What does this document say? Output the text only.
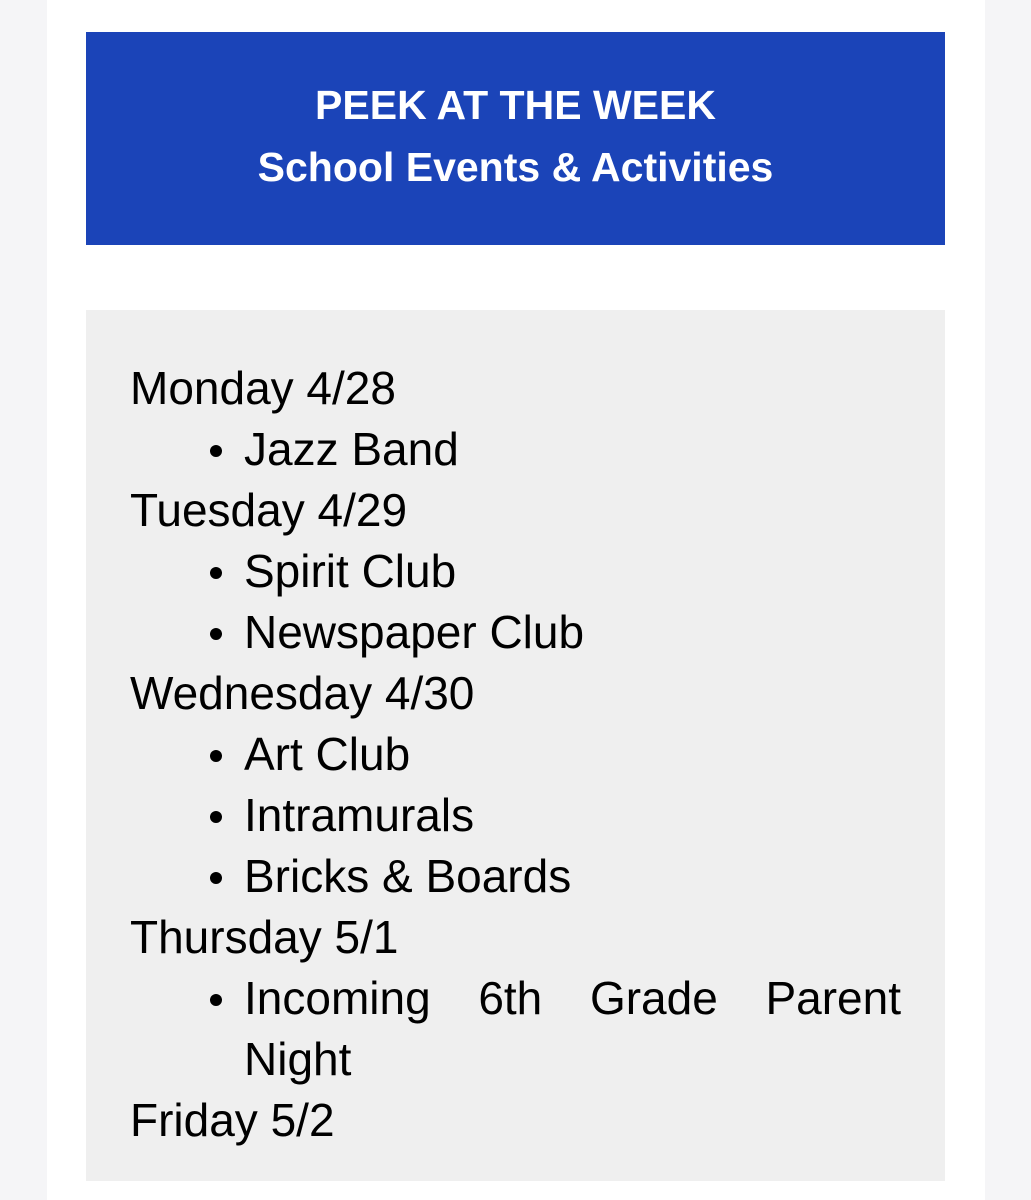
PEEK AT THE WEEK
School Events & Activities
Monday 4/28
Jazz Band
Tuesday 4/29
Spirit Club
Newspaper Club
Wednesday 4/30
Art Club
Intramurals
Bricks & Boards
Thursday 5/1
Incoming 6th Grade Parent Night
Friday 5/2
